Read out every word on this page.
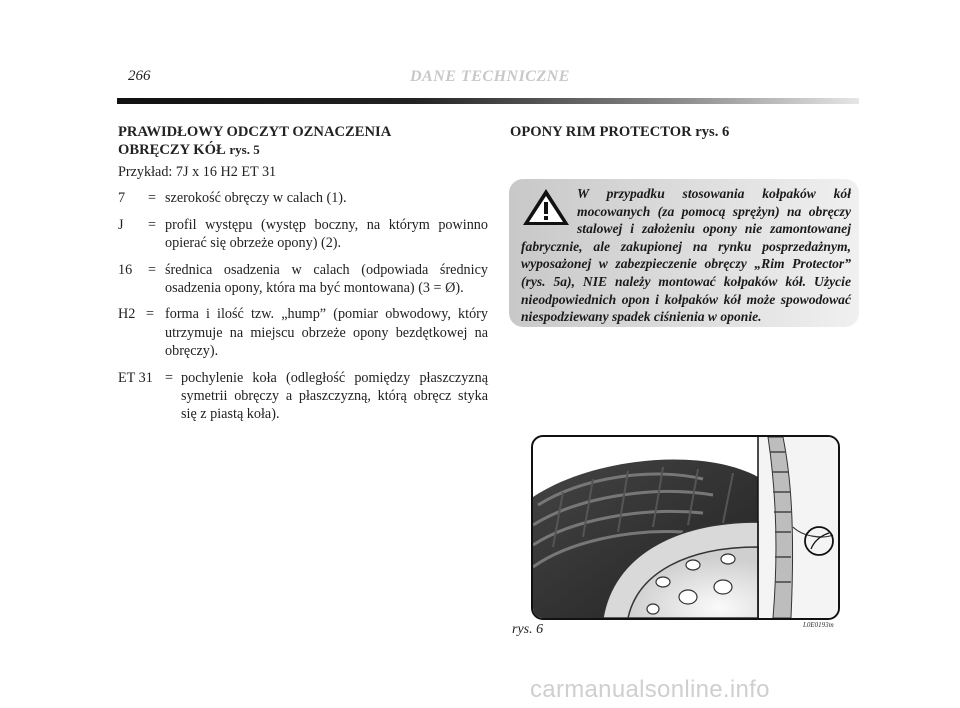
266	DANE TECHNICZNE
PRAWIDŁOWY ODCZYT OZNACZENIA
OBRĘCZY KÓŁ rys. 5
Przykład: 7J x 16 H2 ET 31
7 = szerokość obręczy w calach (1).
J = profil występu (występ boczny, na którym powinno opierać się obrzeże opony) (2).
16 = średnica osadzenia w calach (odpowiada średnicy osadzenia opony, która ma być montowana) (3 = Ø).
H2 = forma i ilość tzw. „hump” (pomiar obwodowy, który utrzymuje na miejscu obrzeże opony bezdętkowej na obręczy).
ET 31 = pochylenie koła (odległość pomiędzy płaszczyzną symetrii obręczy a płaszczyzną, którą obręcz styka się z piastą koła).
OPONY RIM PROTECTOR rys. 6
W przypadku stosowania kołpaków kół mocowanych (za pomocą sprężyn) na obręczy stalowej i założeniu opony nie zamontowanej fabrycznie, ale zakupionej na rynku posprzedażnym, wyposażonej w zabezpieczenie obręczy „Rim Protector” (rys. 5a), NIE należy montować kołpaków kół. Użycie nieodpowiednich opon i kołpaków kół może spowodować niespodziewany spadek ciśnienia w oponie.
rys. 6	L0E0193m
carmanualsonline.info
